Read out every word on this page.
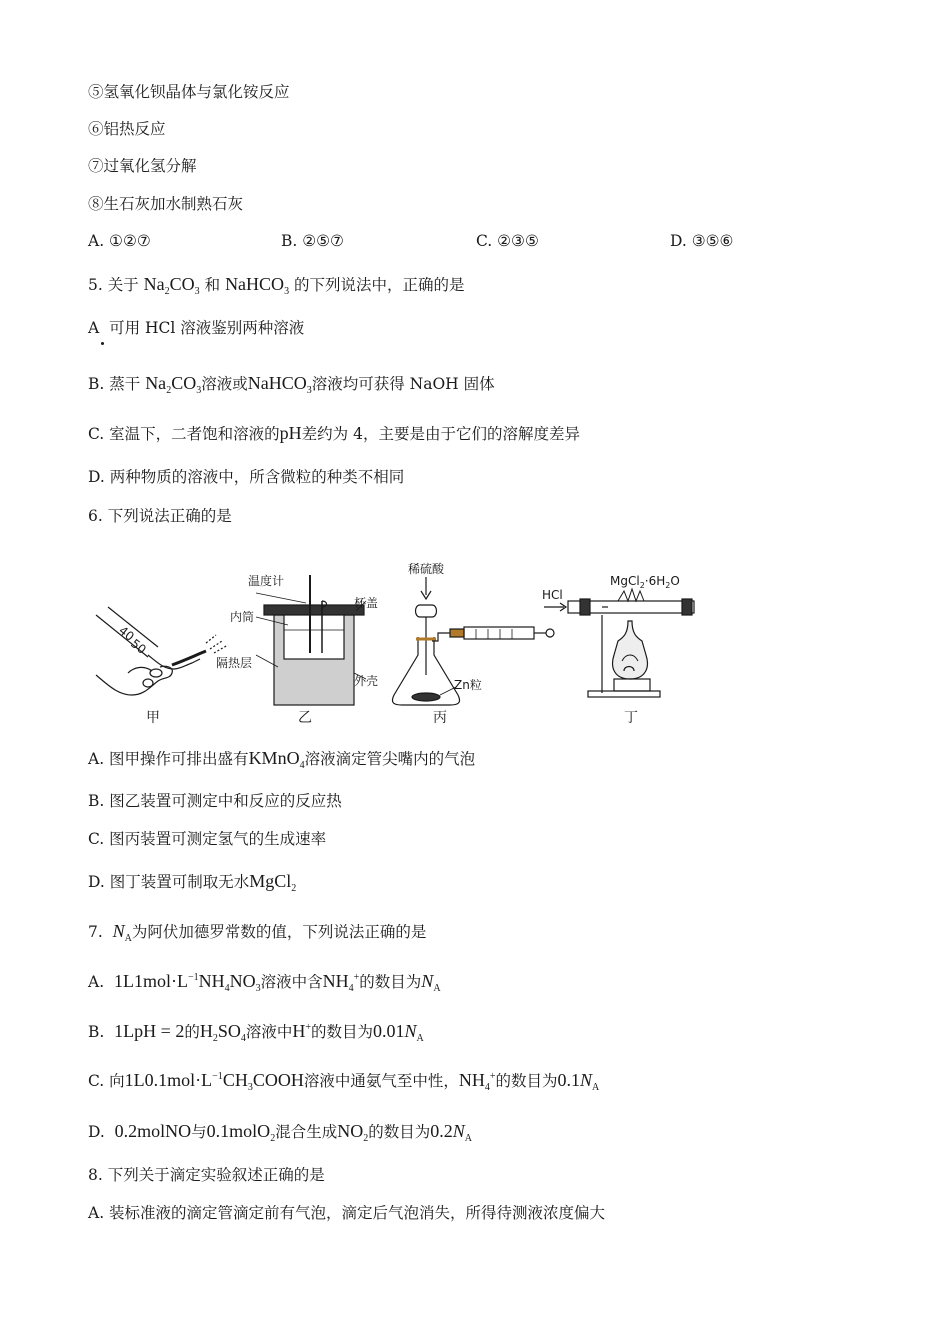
⑤氢氧化钡晶体与氯化铵反应
⑥铝热反应
⑦过氧化氢分解
⑧生石灰加水制熟石灰
A. ①②⑦	B. ②⑤⑦	C. ②③⑤	D. ③⑤⑥
5. 关于 $Na_2CO_3$ 和 NaHCO$_3$ 的下列说法中，正确的是
A 可用 HCl 溶液鉴别两种溶液
B. 蒸干 $Na_2CO_3$溶液或NaHCO$_3$溶液均可获得 NaOH 固体
C. 室温下，二者饱和溶液的pH差约为 4，主要是由于它们的溶解度差异
D. 两种物质的溶液中，所含微粒的种类不相同
6. 下列说法正确的是
40
50
温度计
杯盖
内筒
隔热层
外壳
稀硫酸
Zn粒
HCl
$MgCl_2\cdot 6H_2O$
甲	乙	丙	丁
A. 图甲操作可排出盛有KMnO$_4$溶液滴定管尖嘴内的气泡
B. 图乙装置可测定中和反应的反应热
C. 图丙装置可测定氢气的生成速率
D. 图丁装置可制取无水MgCl$_2$
7.  $N_A$为阿伏加德罗常数的值，下列说法正确的是
A.  $1L1mol\cdot L^{-1}NH_4NO_3$溶液中含$NH_4^+$的数目为$N_A$
B.  1LpH = 2的$H_2SO_4$溶液中H+的数目为$0.01N_A$
C. 向$1L0.1mol\cdot L^{-1}CH_3COOH$溶液中通氨气至中性，$NH_4^+$的数目为$0.1N_A$
D.  0.2molNO与0.1molO$_2$混合生成$NO_2$的数目为$0.2N_A$
8. 下列关于滴定实验叙述正确的是
A. 装标准液的滴定管滴定前有气泡，滴定后气泡消失，所得待测液浓度偏大
